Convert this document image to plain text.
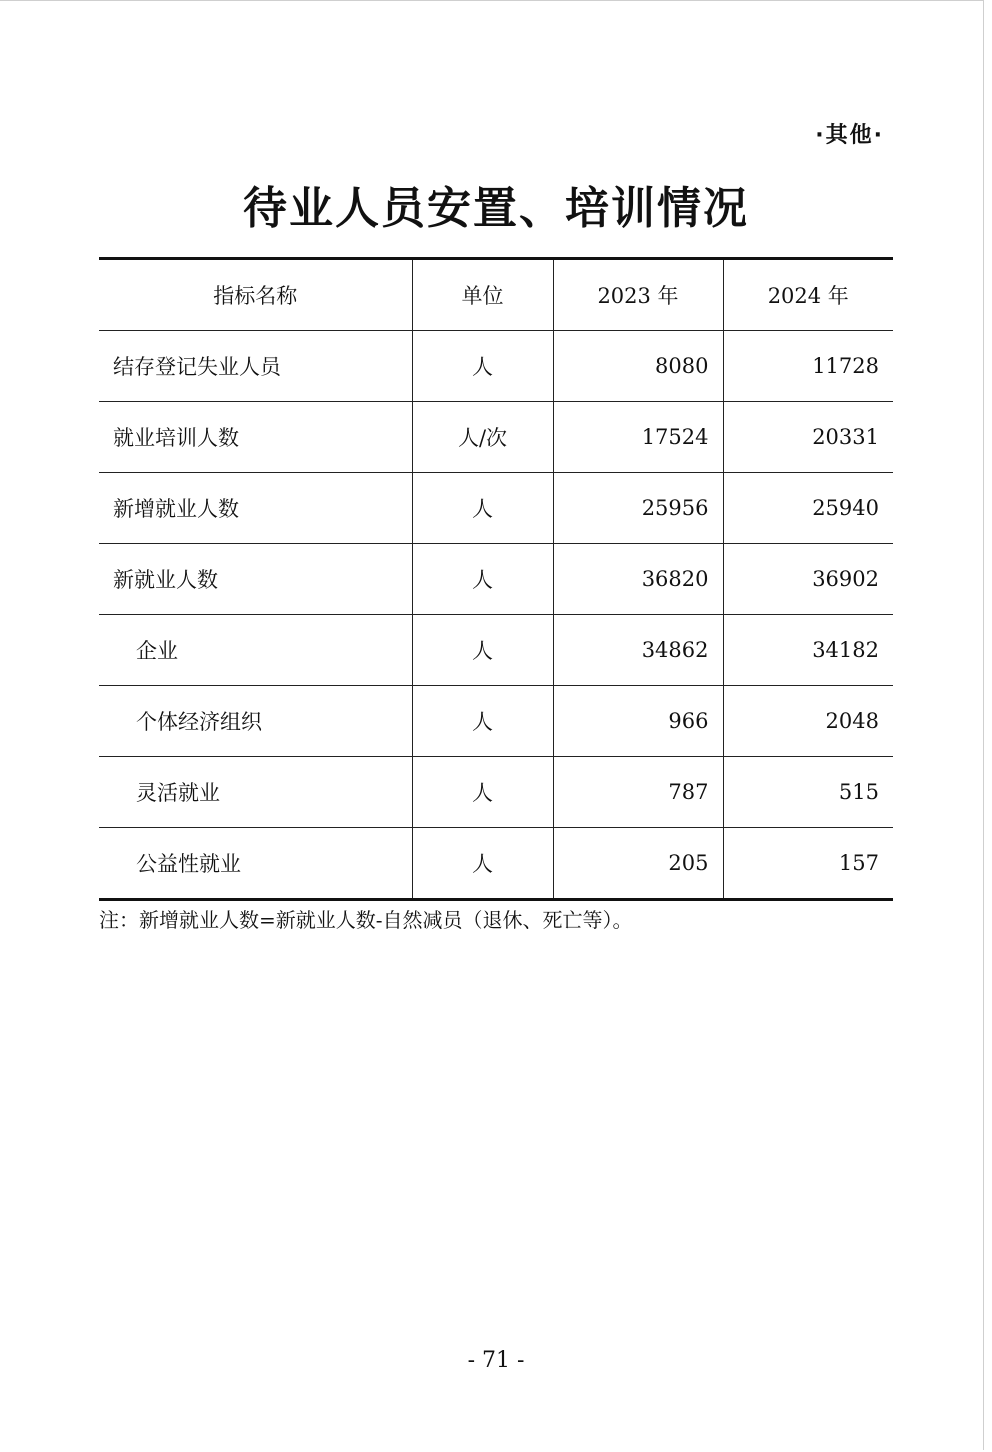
·其他·
待业人员安置、培训情况
指标名称	单位	2023 年	2024 年
结存登记失业人员	人	8080	11728
就业培训人数	人/次	17524	20331
新增就业人数	人	25956	25940
新就业人数	人	36820	36902
企业	人	34862	34182
个体经济组织	人	966	2048
灵活就业	人	787	515
公益性就业	人	205	157
注：新增就业人数=新就业人数-自然减员（退休、死亡等）。
- 71 -
